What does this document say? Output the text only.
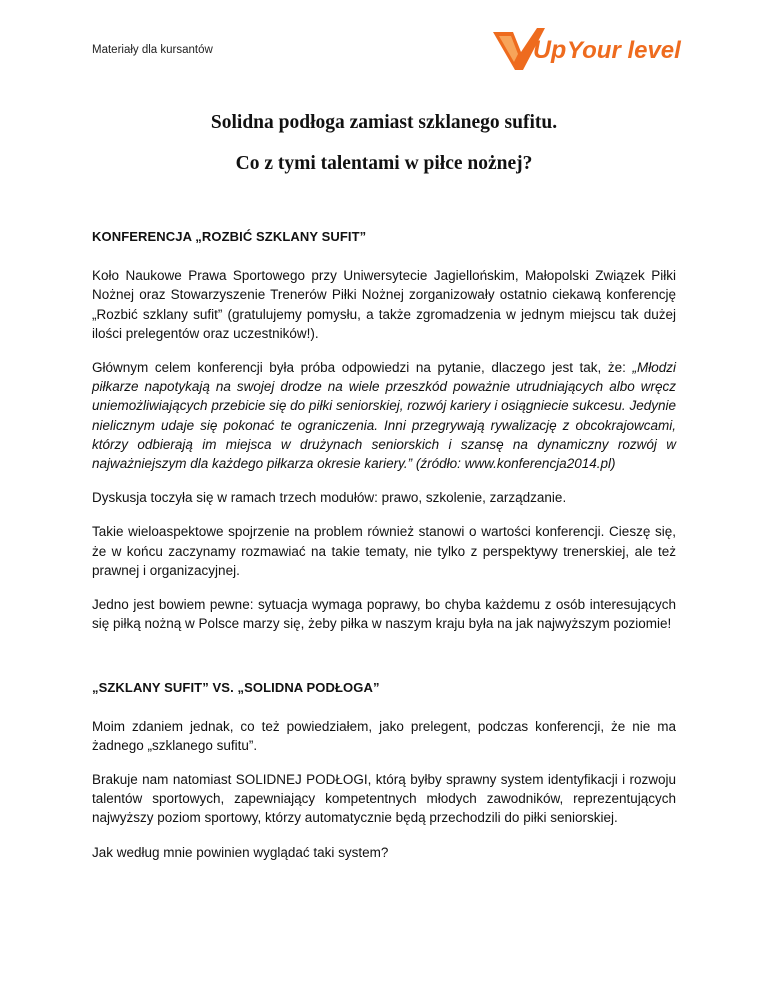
Materiały dla kursantów	Up Your level
Solidna podłoga zamiast szklanego sufitu.
Co z tymi talentami w piłce nożnej?
KONFERENCJA „ROZBIĆ SZKLANY SUFIT”

Koło Naukowe Prawa Sportowego przy Uniwersytecie Jagiellońskim, Małopolski Związek Piłki Nożnej oraz Stowarzyszenie Trenerów Piłki Nożnej zorganizowały ostatnio ciekawą konferencję „Rozbić szklany sufit” (gratulujemy pomysłu, a także zgromadzenia w jednym miejscu tak dużej ilości prelegentów oraz uczestników!).

Głównym celem konferencji była próba odpowiedzi na pytanie, dlaczego jest tak, że: „Młodzi piłkarze napotykają na swojej drodze na wiele przeszkód poważnie utrudniających albo wręcz uniemożliwiających przebicie się do piłki seniorskiej, rozwój kariery i osiągniecie sukcesu. Jedynie nielicznym udaje się pokonać te ograniczenia. Inni przegrywają rywalizację z obcokrajowcami, którzy odbierają im miejsca w drużynach seniorskich i szansę na dynamiczny rozwój w najważniejszym dla każdego piłkarza okresie kariery.” (źródło: www.konferencja2014.pl)

Dyskusja toczyła się w ramach trzech modułów: prawo, szkolenie, zarządzanie.

Takie wieloaspektowe spojrzenie na problem również stanowi o wartości konferencji. Cieszę się, że w końcu zaczynamy rozmawiać na takie tematy, nie tylko z perspektywy trenerskiej, ale też prawnej i organizacyjnej.

Jedno jest bowiem pewne: sytuacja wymaga poprawy, bo chyba każdemu z osób interesujących się piłką nożną w Polsce marzy się, żeby piłka w naszym kraju była na jak najwyższym poziomie!

„SZKLANY SUFIT” VS. „SOLIDNA PODŁOGA”

Moim zdaniem jednak, co też powiedziałem, jako prelegent, podczas konferencji, że nie ma żadnego „szklanego sufitu”.

Brakuje nam natomiast SOLIDNEJ PODŁOGI, którą byłby sprawny system identyfikacji i rozwoju talentów sportowych, zapewniający kompetentnych młodych zawodników, reprezentujących najwyższy poziom sportowy, którzy automatycznie będą przechodzili do piłki seniorskiej.

Jak według mnie powinien wyglądać taki system?
